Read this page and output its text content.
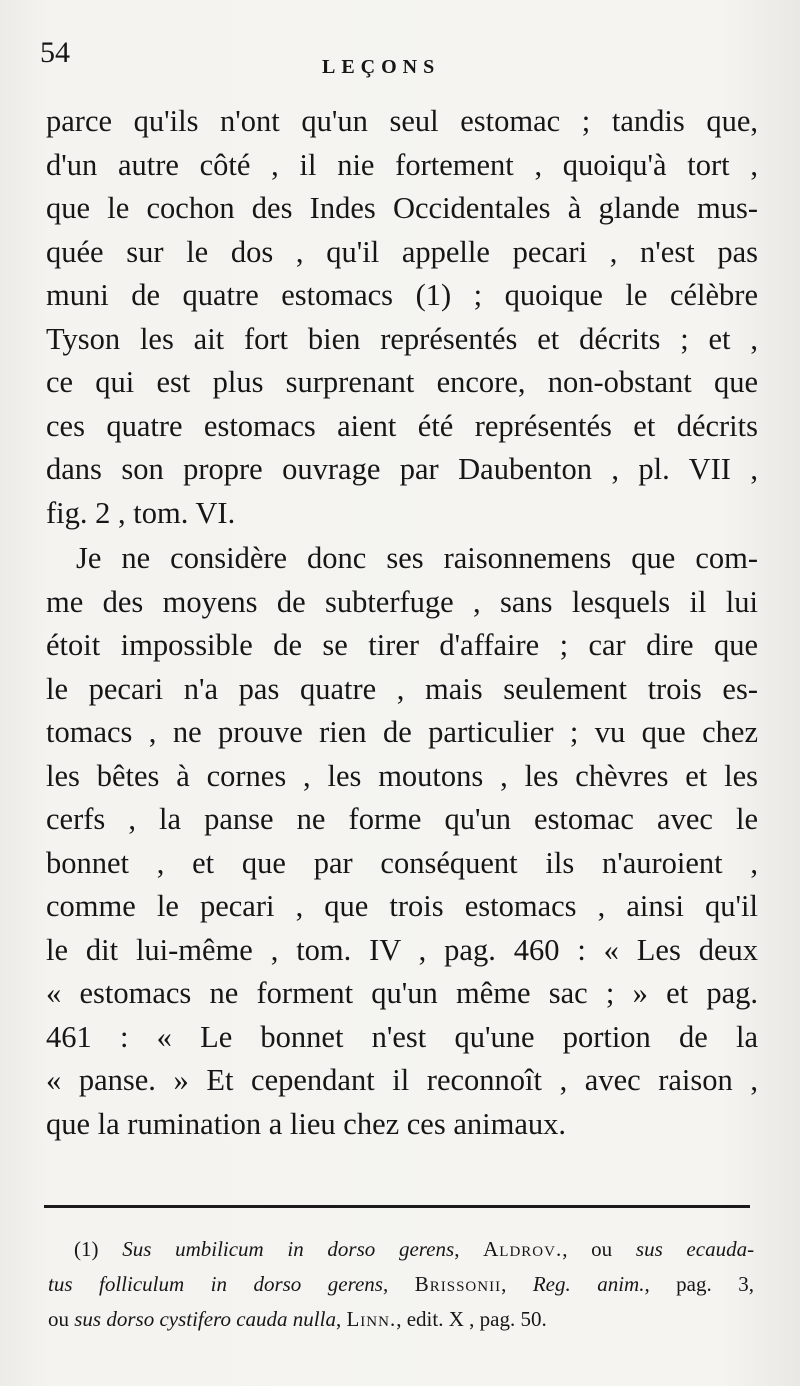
54	LEÇONS
parce qu'ils n'ont qu'un seul estomac ; tandis que,
d'un autre côté , il nie fortement , quoiqu'à tort ,
que le cochon des Indes Occidentales à glande mus-
quée sur le dos , qu'il appelle pecari , n'est pas
muni de quatre estomacs (1) ; quoique le célèbre
Tyson les ait fort bien représentés et décrits ; et ,
ce qui est plus surprenant encore, non-obstant que
ces quatre estomacs aient été représentés et décrits
dans son propre ouvrage par Daubenton , pl. VII ,
fig. 2 , tom. VI.
Je ne considère donc ses raisonnemens que com-
me des moyens de subterfuge , sans lesquels il lui
étoit impossible de se tirer d'affaire ; car dire que
le pecari n'a pas quatre , mais seulement trois es-
tomacs , ne prouve rien de particulier ; vu que chez
les bêtes à cornes , les moutons , les chèvres et les
cerfs , la panse ne forme qu'un estomac avec le
bonnet , et que par conséquent ils n'auroient ,
comme le pecari , que trois estomacs , ainsi qu'il
le dit lui-même , tom. IV , pag. 460 : « Les deux
« estomacs ne forment qu'un même sac ; » et pag.
461 : « Le bonnet n'est qu'une portion de la
« panse. » Et cependant il reconnoît , avec raison ,
que la rumination a lieu chez ces animaux.
(1) Sus umbilicum in dorso gerens, Aldrov., ou sus ecauda-
tus folliculum in dorso gerens, Brissonii, Reg. anim., pag. 3,
ou sus dorso cystifero cauda nulla, Linn., edit. X , pag. 50.
